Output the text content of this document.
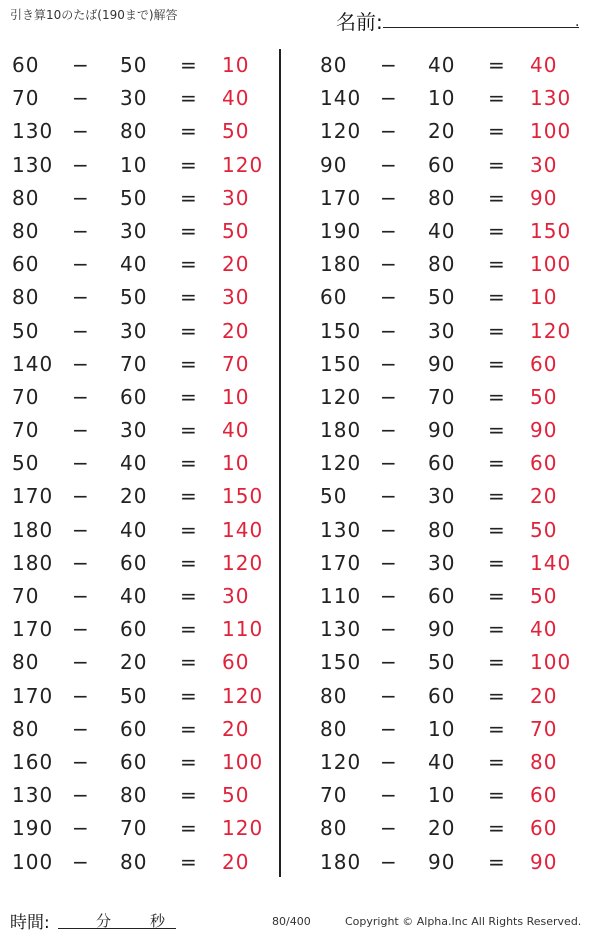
引き算10のたば(190まで)解答	名前:	.
60	− 50	= 10
70	− 30	= 40
130 − 80	= 50
130 − 10	= 120
80	− 50	= 30
80	− 30	= 50
60	− 40	= 20
80	− 50	= 30
50	− 30	= 20
140 − 70	= 70
70	− 60	= 10
70	− 30	= 40
50	− 40	= 10
170 − 20	= 150
180 − 40	= 140
180 − 60	= 120
70	− 40	= 30
170 − 60	= 110
80	− 20	= 60
170 − 50	= 120
80	− 60	= 20
160 − 60	= 100
130 − 80	= 50
190 − 70	= 120
100 − 80	= 20
80	− 40	= 40
140 − 10	= 130
120 − 20	= 100
90	− 60	= 30
170 − 80	= 90
190 − 40	= 150
180 − 80	= 100
60	− 50	= 10
150 − 30	= 120
150 − 90	= 60
120 − 70	= 50
180 − 90	= 90
120 − 60	= 60
50	− 30	= 20
130 − 80	= 50
170 − 30	= 140
110 − 60	= 50
130 − 90	= 40
150 − 50	= 100
80	− 60	= 20
80	− 10	= 70
120 − 40	= 80
70	− 10	= 60
80	− 20	= 60
180 − 90	= 90
時間:	分	秒	80/400	Copyright © Alpha.Inc All Rights Reserved.
